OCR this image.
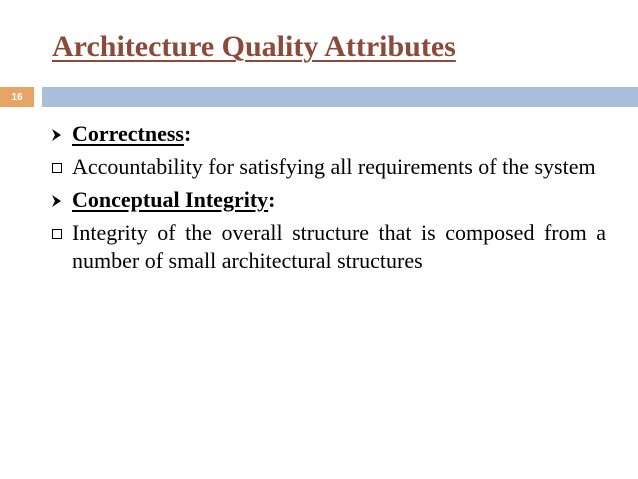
Architecture Quality Attributes
16
Correctness:
Accountability for satisfying all requirements of the system
Conceptual Integrity:
Integrity of the overall structure that is composed from a number of small architectural structures
